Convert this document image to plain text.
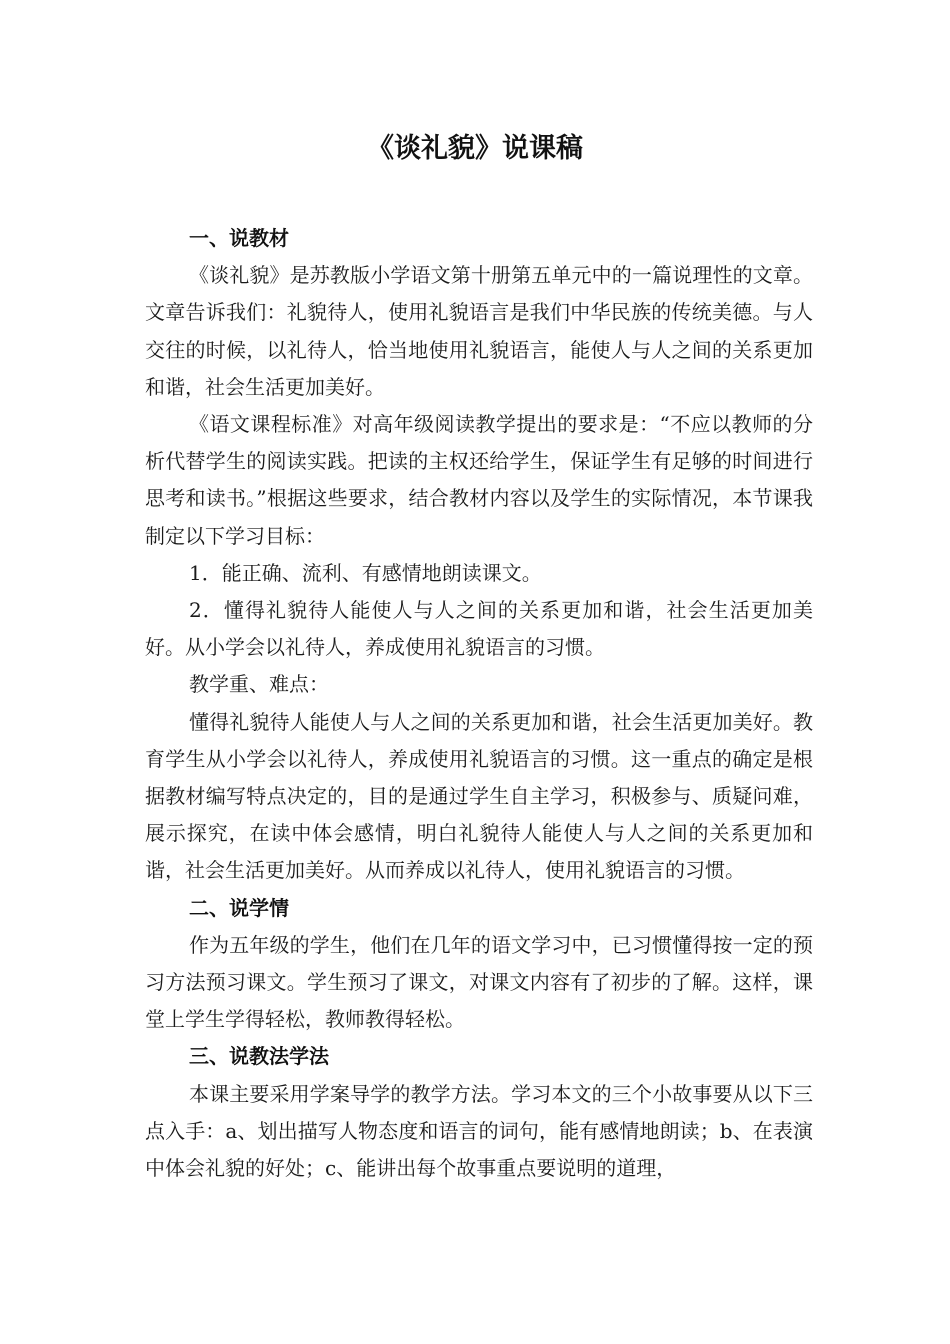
《谈礼貌》说课稿

一、说教材

《谈礼貌》是苏教版小学语文第十册第五单元中的一篇说理性的文章。文章告诉我们：礼貌待人，使用礼貌语言是我们中华民族的传统美德。与人交往的时候，以礼待人，恰当地使用礼貌语言，能使人与人之间的关系更加和谐，社会生活更加美好。

《语文课程标准》对高年级阅读教学提出的要求是：“不应以教师的分析代替学生的阅读实践。把读的主权还给学生，保证学生有足够的时间进行思考和读书。”根据这些要求，结合教材内容以及学生的实际情况，本节课我制定以下学习目标：

1．能正确、流利、有感情地朗读课文。

2．懂得礼貌待人能使人与人之间的关系更加和谐，社会生活更加美好。从小学会以礼待人，养成使用礼貌语言的习惯。

教学重、难点：

懂得礼貌待人能使人与人之间的关系更加和谐，社会生活更加美好。教育学生从小学会以礼待人，养成使用礼貌语言的习惯。这一重点的确定是根据教材编写特点决定的，目的是通过学生自主学习，积极参与、质疑问难，展示探究，在读中体会感情，明白礼貌待人能使人与人之间的关系更加和谐，社会生活更加美好。从而养成以礼待人，使用礼貌语言的习惯。

二、说学情

作为五年级的学生，他们在几年的语文学习中，已习惯懂得按一定的预习方法预习课文。学生预习了课文，对课文内容有了初步的了解。这样，课堂上学生学得轻松，教师教得轻松。

三、说教法学法

本课主要采用学案导学的教学方法。学习本文的三个小故事要从以下三点入手：a、划出描写人物态度和语言的词句，能有感情地朗读；b、在表演中体会礼貌的好处；c、能讲出每个故事重点要说明的道理，
